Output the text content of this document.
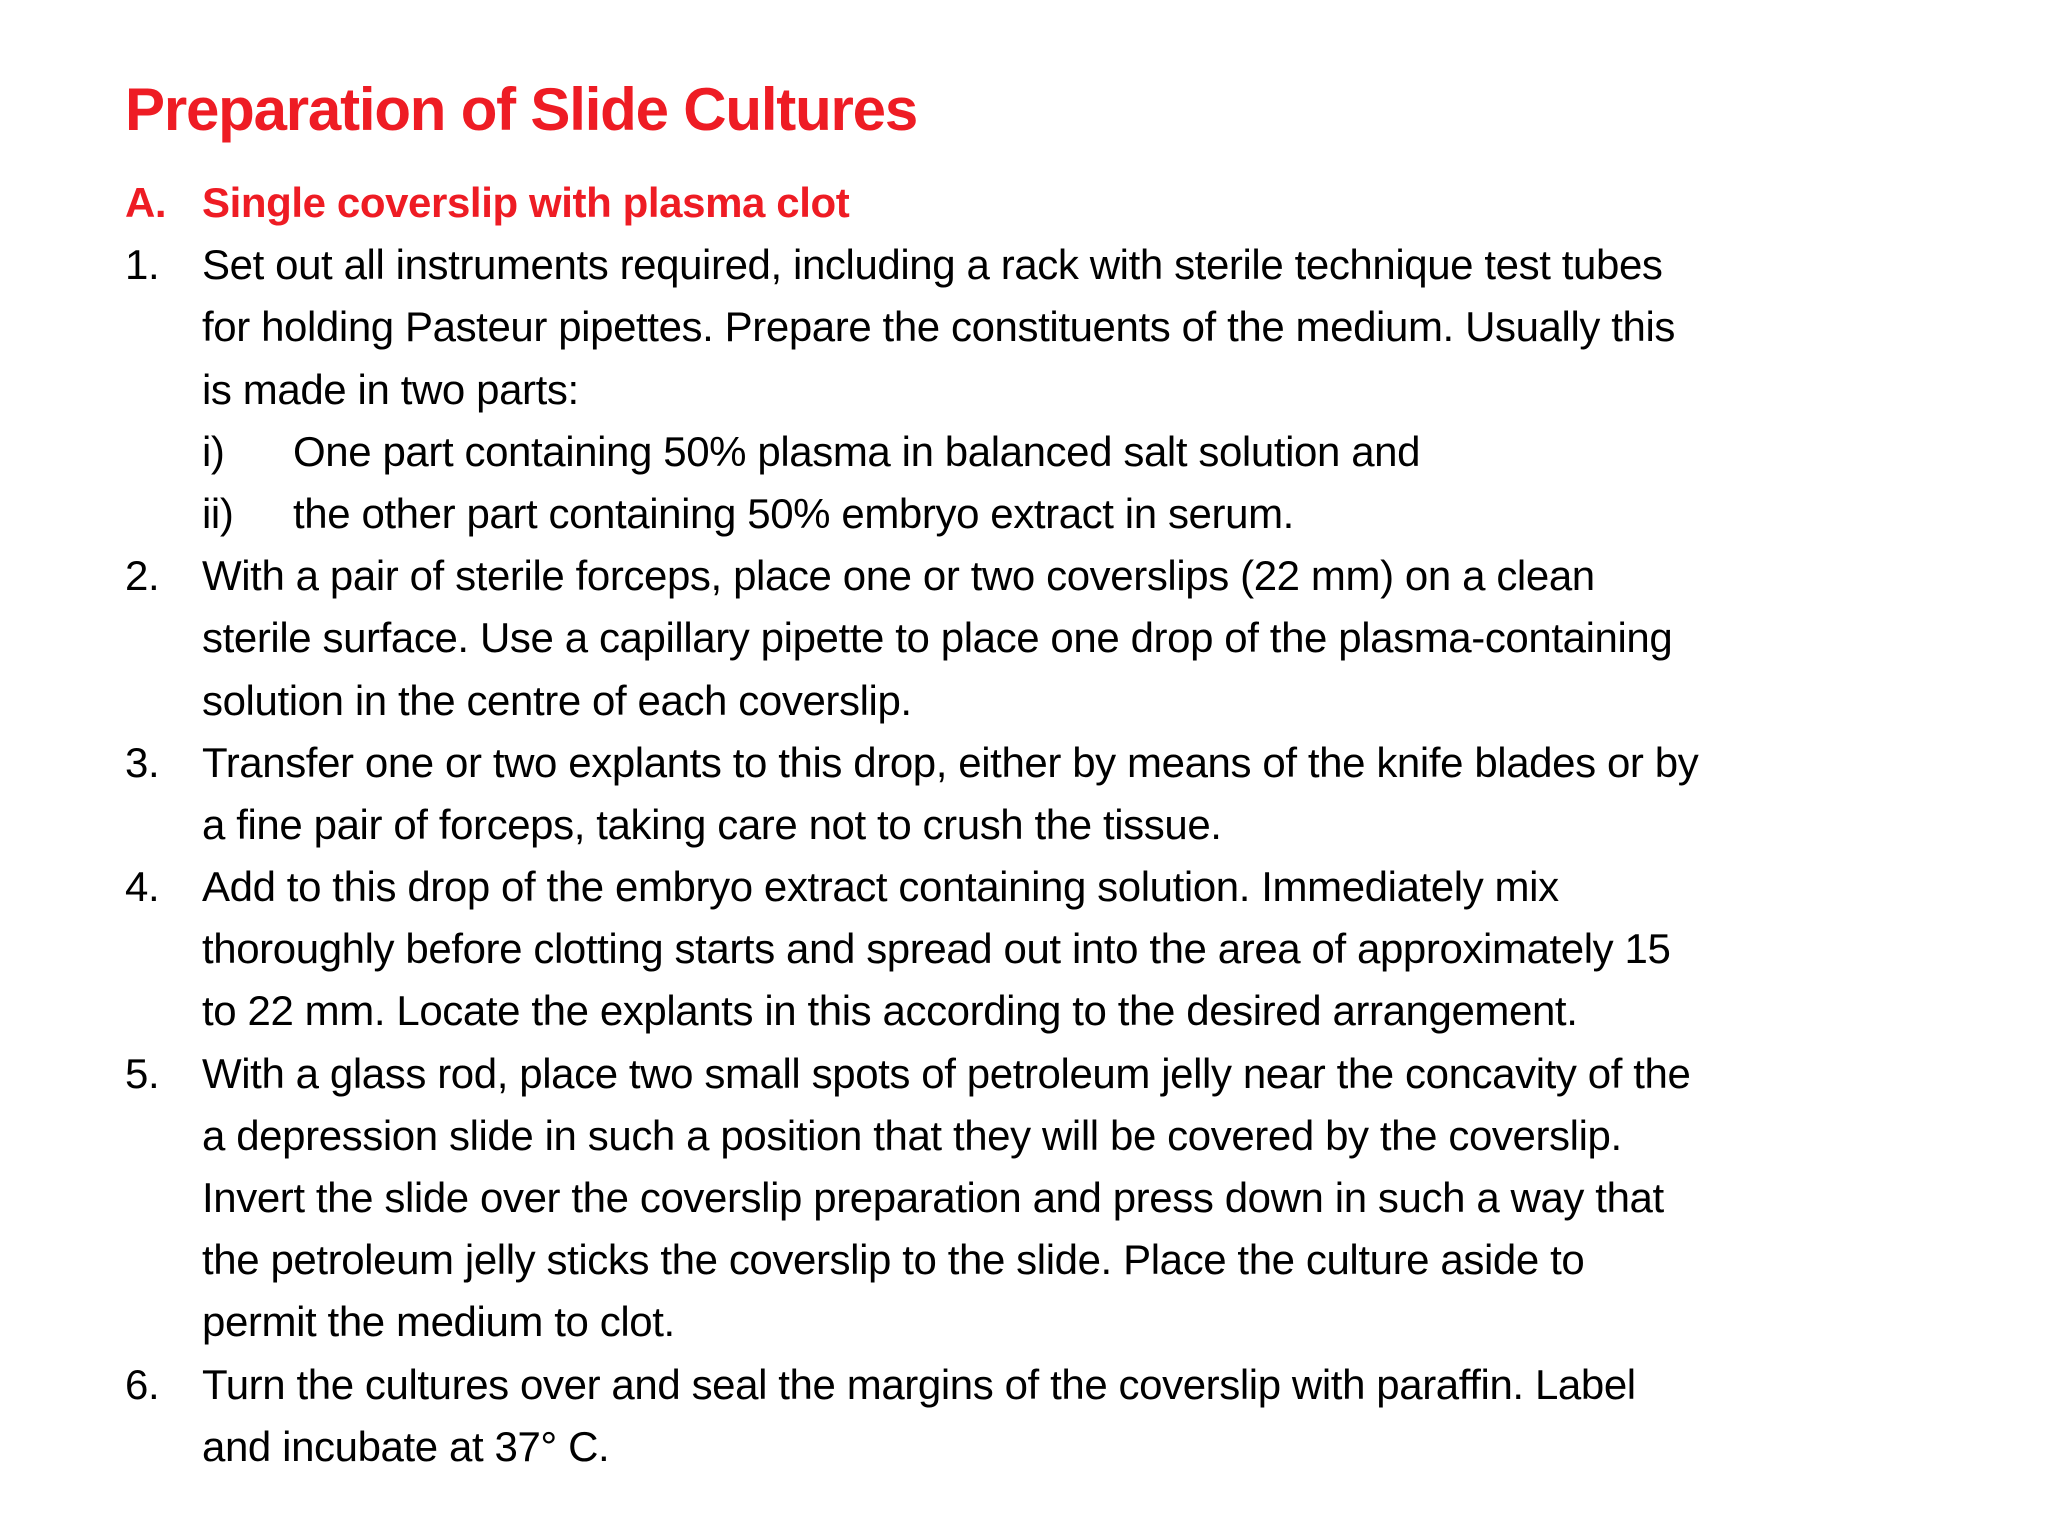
Preparation of Slide Cultures
A. Single coverslip with plasma clot
1. Set out all instruments required, including a rack with sterile technique test tubes
for holding Pasteur pipettes. Prepare the constituents of the medium. Usually this
is made in two parts:
i) One part containing 50% plasma in balanced salt solution and
ii) the other part containing 50% embryo extract in serum.
2. With a pair of sterile forceps, place one or two coverslips (22 mm) on a clean
sterile surface. Use a capillary pipette to place one drop of the plasma-containing
solution in the centre of each coverslip.
3. Transfer one or two explants to this drop, either by means of the knife blades or by
a fine pair of forceps, taking care not to crush the tissue.
4. Add to this drop of the embryo extract containing solution. Immediately mix
thoroughly before clotting starts and spread out into the area of approximately 15
to 22 mm. Locate the explants in this according to the desired arrangement.
5. With a glass rod, place two small spots of petroleum jelly near the concavity of the
a depression slide in such a position that they will be covered by the coverslip.
Invert the slide over the coverslip preparation and press down in such a way that
the petroleum jelly sticks the coverslip to the slide. Place the culture aside to
permit the medium to clot.
6. Turn the cultures over and seal the margins of the coverslip with paraffin. Label
and incubate at 37° C.
